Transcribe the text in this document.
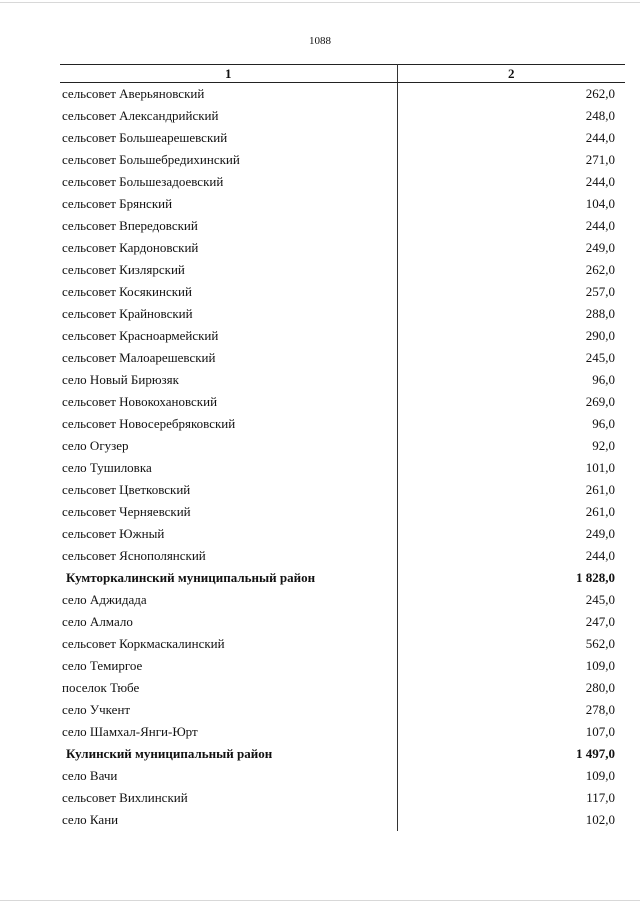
1088
1	2
сельсовет Аверьяновский	262,0
сельсовет Александрийский	248,0
сельсовет Большеарешевский	244,0
сельсовет Большебредихинский	271,0
сельсовет Большезадоевский	244,0
сельсовет Брянский	104,0
сельсовет Впередовский	244,0
сельсовет Кардоновский	249,0
сельсовет Кизлярский	262,0
сельсовет Косякинский	257,0
сельсовет Крайновский	288,0
сельсовет Красноармейский	290,0
сельсовет Малоарешевский	245,0
село Новый Бирюзяк	96,0
сельсовет Новокохановский	269,0
сельсовет Новосеребряковский	96,0
село Огузер	92,0
село Тушиловка	101,0
сельсовет Цветковский	261,0
сельсовет Черняевский	261,0
сельсовет Южный	249,0
сельсовет Яснополянский	244,0
Кумторкалинский муниципальный район	1 828,0
село Аджидада	245,0
село Алмало	247,0
сельсовет Коркмаскалинский	562,0
село Темиргое	109,0
поселок Тюбе	280,0
село Учкент	278,0
село Шамхал-Янги-Юрт	107,0
Кулинский муниципальный район	1 497,0
село Вачи	109,0
сельсовет Вихлинский	117,0
село Кани	102,0
